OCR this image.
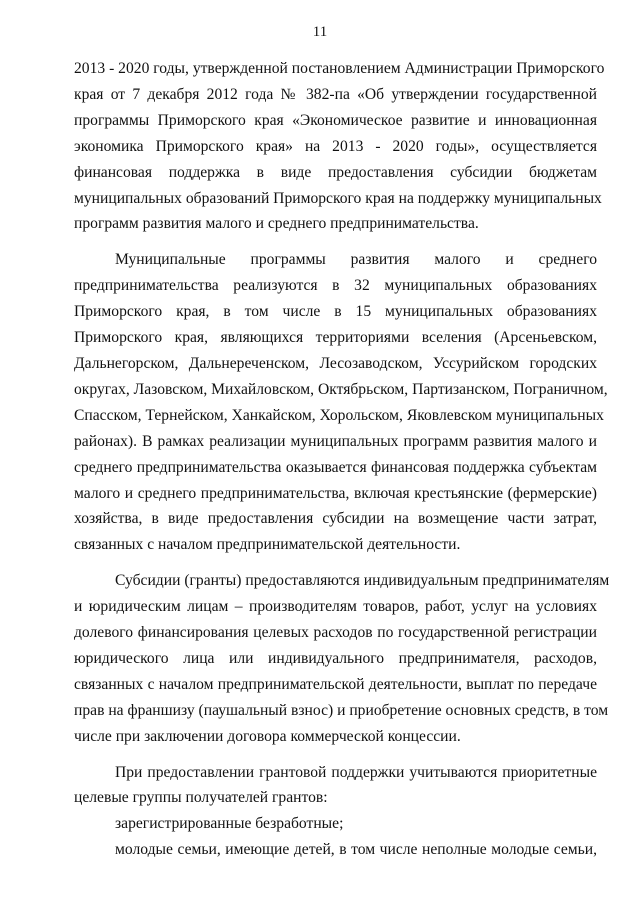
11
2013 - 2020 годы, утвержденной постановлением Администрации Приморского
края от 7 декабря 2012 года № 382-па «Об утверждении государственной
программы Приморского края «Экономическое развитие и инновационная
экономика Приморского края» на 2013 - 2020 годы», осуществляется
финансовая поддержка в виде предоставления субсидии бюджетам
муниципальных образований Приморского края на поддержку муниципальных
программ развития малого и среднего предпринимательства.
Муниципальные программы развития малого и среднего
предпринимательства реализуются в 32 муниципальных образованиях
Приморского края, в том числе в 15 муниципальных образованиях
Приморского края, являющихся территориями вселения (Арсеньевском,
Дальнегорском, Дальнереченском, Лесозаводском, Уссурийском городских
округах, Лазовском, Михайловском, Октябрьском, Партизанском, Пограничном,
Спасском, Тернейском, Ханкайском, Хорольском, Яковлевском муниципальных
районах). В рамках реализации муниципальных программ развития малого и
среднего предпринимательства оказывается финансовая поддержка субъектам
малого и среднего предпринимательства, включая крестьянские (фермерские)
хозяйства, в виде предоставления субсидии на возмещение части затрат,
связанных с началом предпринимательской деятельности.
Субсидии (гранты) предоставляются индивидуальным предпринимателям
и юридическим лицам – производителям товаров, работ, услуг на условиях
долевого финансирования целевых расходов по государственной регистрации
юридического лица или индивидуального предпринимателя, расходов,
связанных с началом предпринимательской деятельности, выплат по передаче
прав на франшизу (паушальный взнос) и приобретение основных средств, в том
числе при заключении договора коммерческой концессии.
При предоставлении грантовой поддержки учитываются приоритетные
целевые группы получателей грантов:
зарегистрированные безработные;
молодые семьи, имеющие детей, в том числе неполные молодые семьи,
